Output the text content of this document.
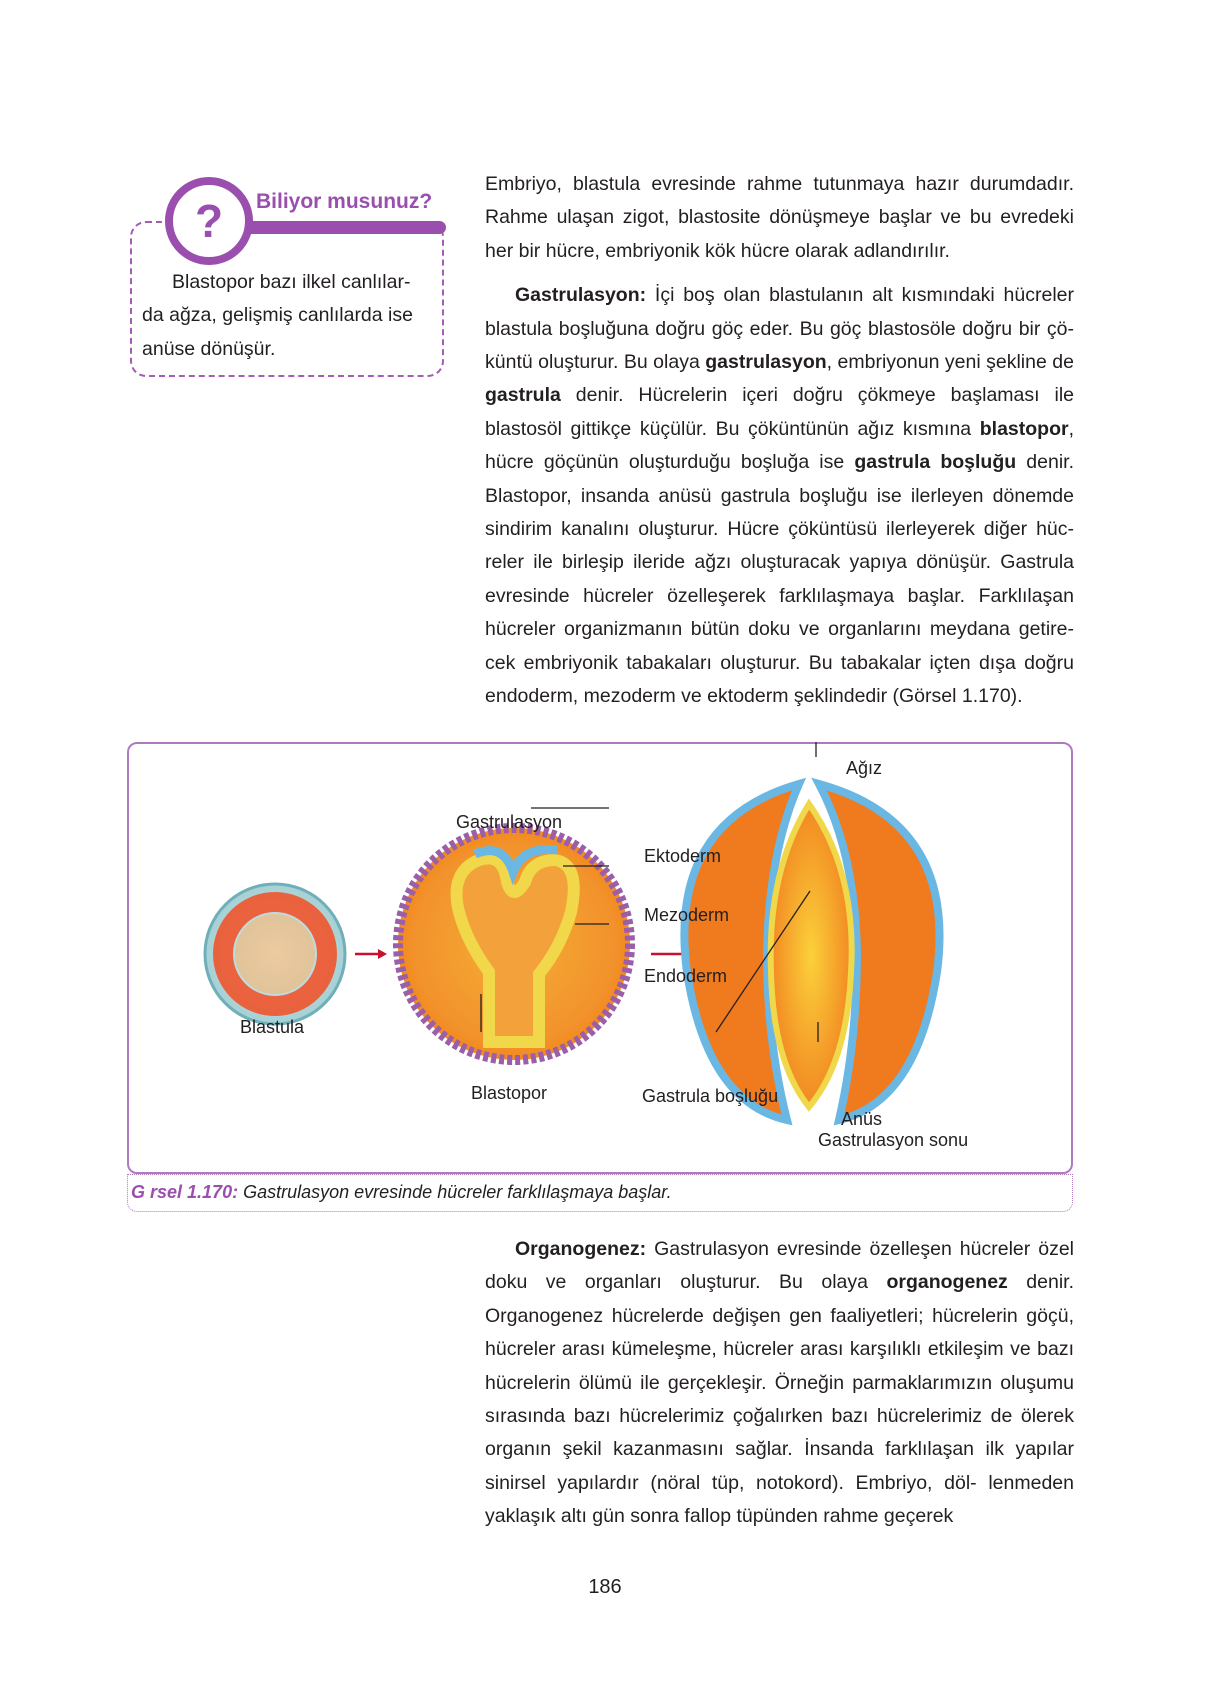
? Biliyor musunuz?
Blastopor bazı ilkel canlılar- da ağza, gelişmiş canlılarda ise anüse dönüşür.

Embriyo, blastula evresinde rahme tutunmaya hazır durumdadır. Rahme ulaşan zigot, blastosite dönüşmeye başlar ve bu evredeki her bir hücre, embriyonik kök hücre olarak adlandırılır.

Gastrulasyon: İçi boş olan blastulanın alt kısmındaki hücreler blastula boşluğuna doğru göç eder. Bu göç blastosöle doğru bir çö- küntü oluşturur. Bu olaya gastrulasyon, embriyonun yeni şekline de gastrula denir. Hücrelerin içeri doğru çökmeye başlaması ile blastosöl gittikçe küçülür. Bu çöküntünün ağız kısmına blastopor, hücre göçünün oluşturduğu boşluğa ise gastrula boşluğu denir. Blastopor, insanda anüsü gastrula boşluğu ise ilerleyen dönemde sindirim kanalını oluşturur. Hücre çöküntüsü ilerleyerek diğer hüc- reler ile birleşip ileride ağzı oluşturacak yapıya dönüşür. Gastrula evresinde hücreler özelleşerek farklılaşmaya başlar. Farklılaşan hücreler organizmanın bütün doku ve organlarını meydana getire- cek embriyonik tabakaları oluşturur. Bu tabakalar içten dışa doğru endoderm, mezoderm ve ektoderm şeklindedir (Görsel 1.170).

Ağız
Gastrulasyon
Ektoderm
Mezoderm
Endoderm
Blastula
Blastopor	Gastrula boşluğu
Anüs
Gastrulasyon sonu
G rsel 1.170: Gastrulasyon evresinde hücreler farklılaşmaya başlar.

Organogenez: Gastrulasyon evresinde özelleşen hücreler özel doku ve organları oluşturur. Bu olaya organogenez denir. Organogenez hücrelerde değişen gen faaliyetleri; hücrelerin göçü, hücreler arası kümeleşme, hücreler arası karşılıklı etkileşim ve bazı hücrelerin ölümü ile gerçekleşir. Örneğin parmaklarımızın oluşumu sırasında bazı hücrelerimiz çoğalırken bazı hücrelerimiz de ölerek organın şekil kazanmasını sağlar. İnsanda farklılaşan ilk yapılar sinirsel yapılardır (nöral tüp, notokord). Embriyo, döl- lenmeden yaklaşık altı gün sonra fallop tüpünden rahme geçerek

186
